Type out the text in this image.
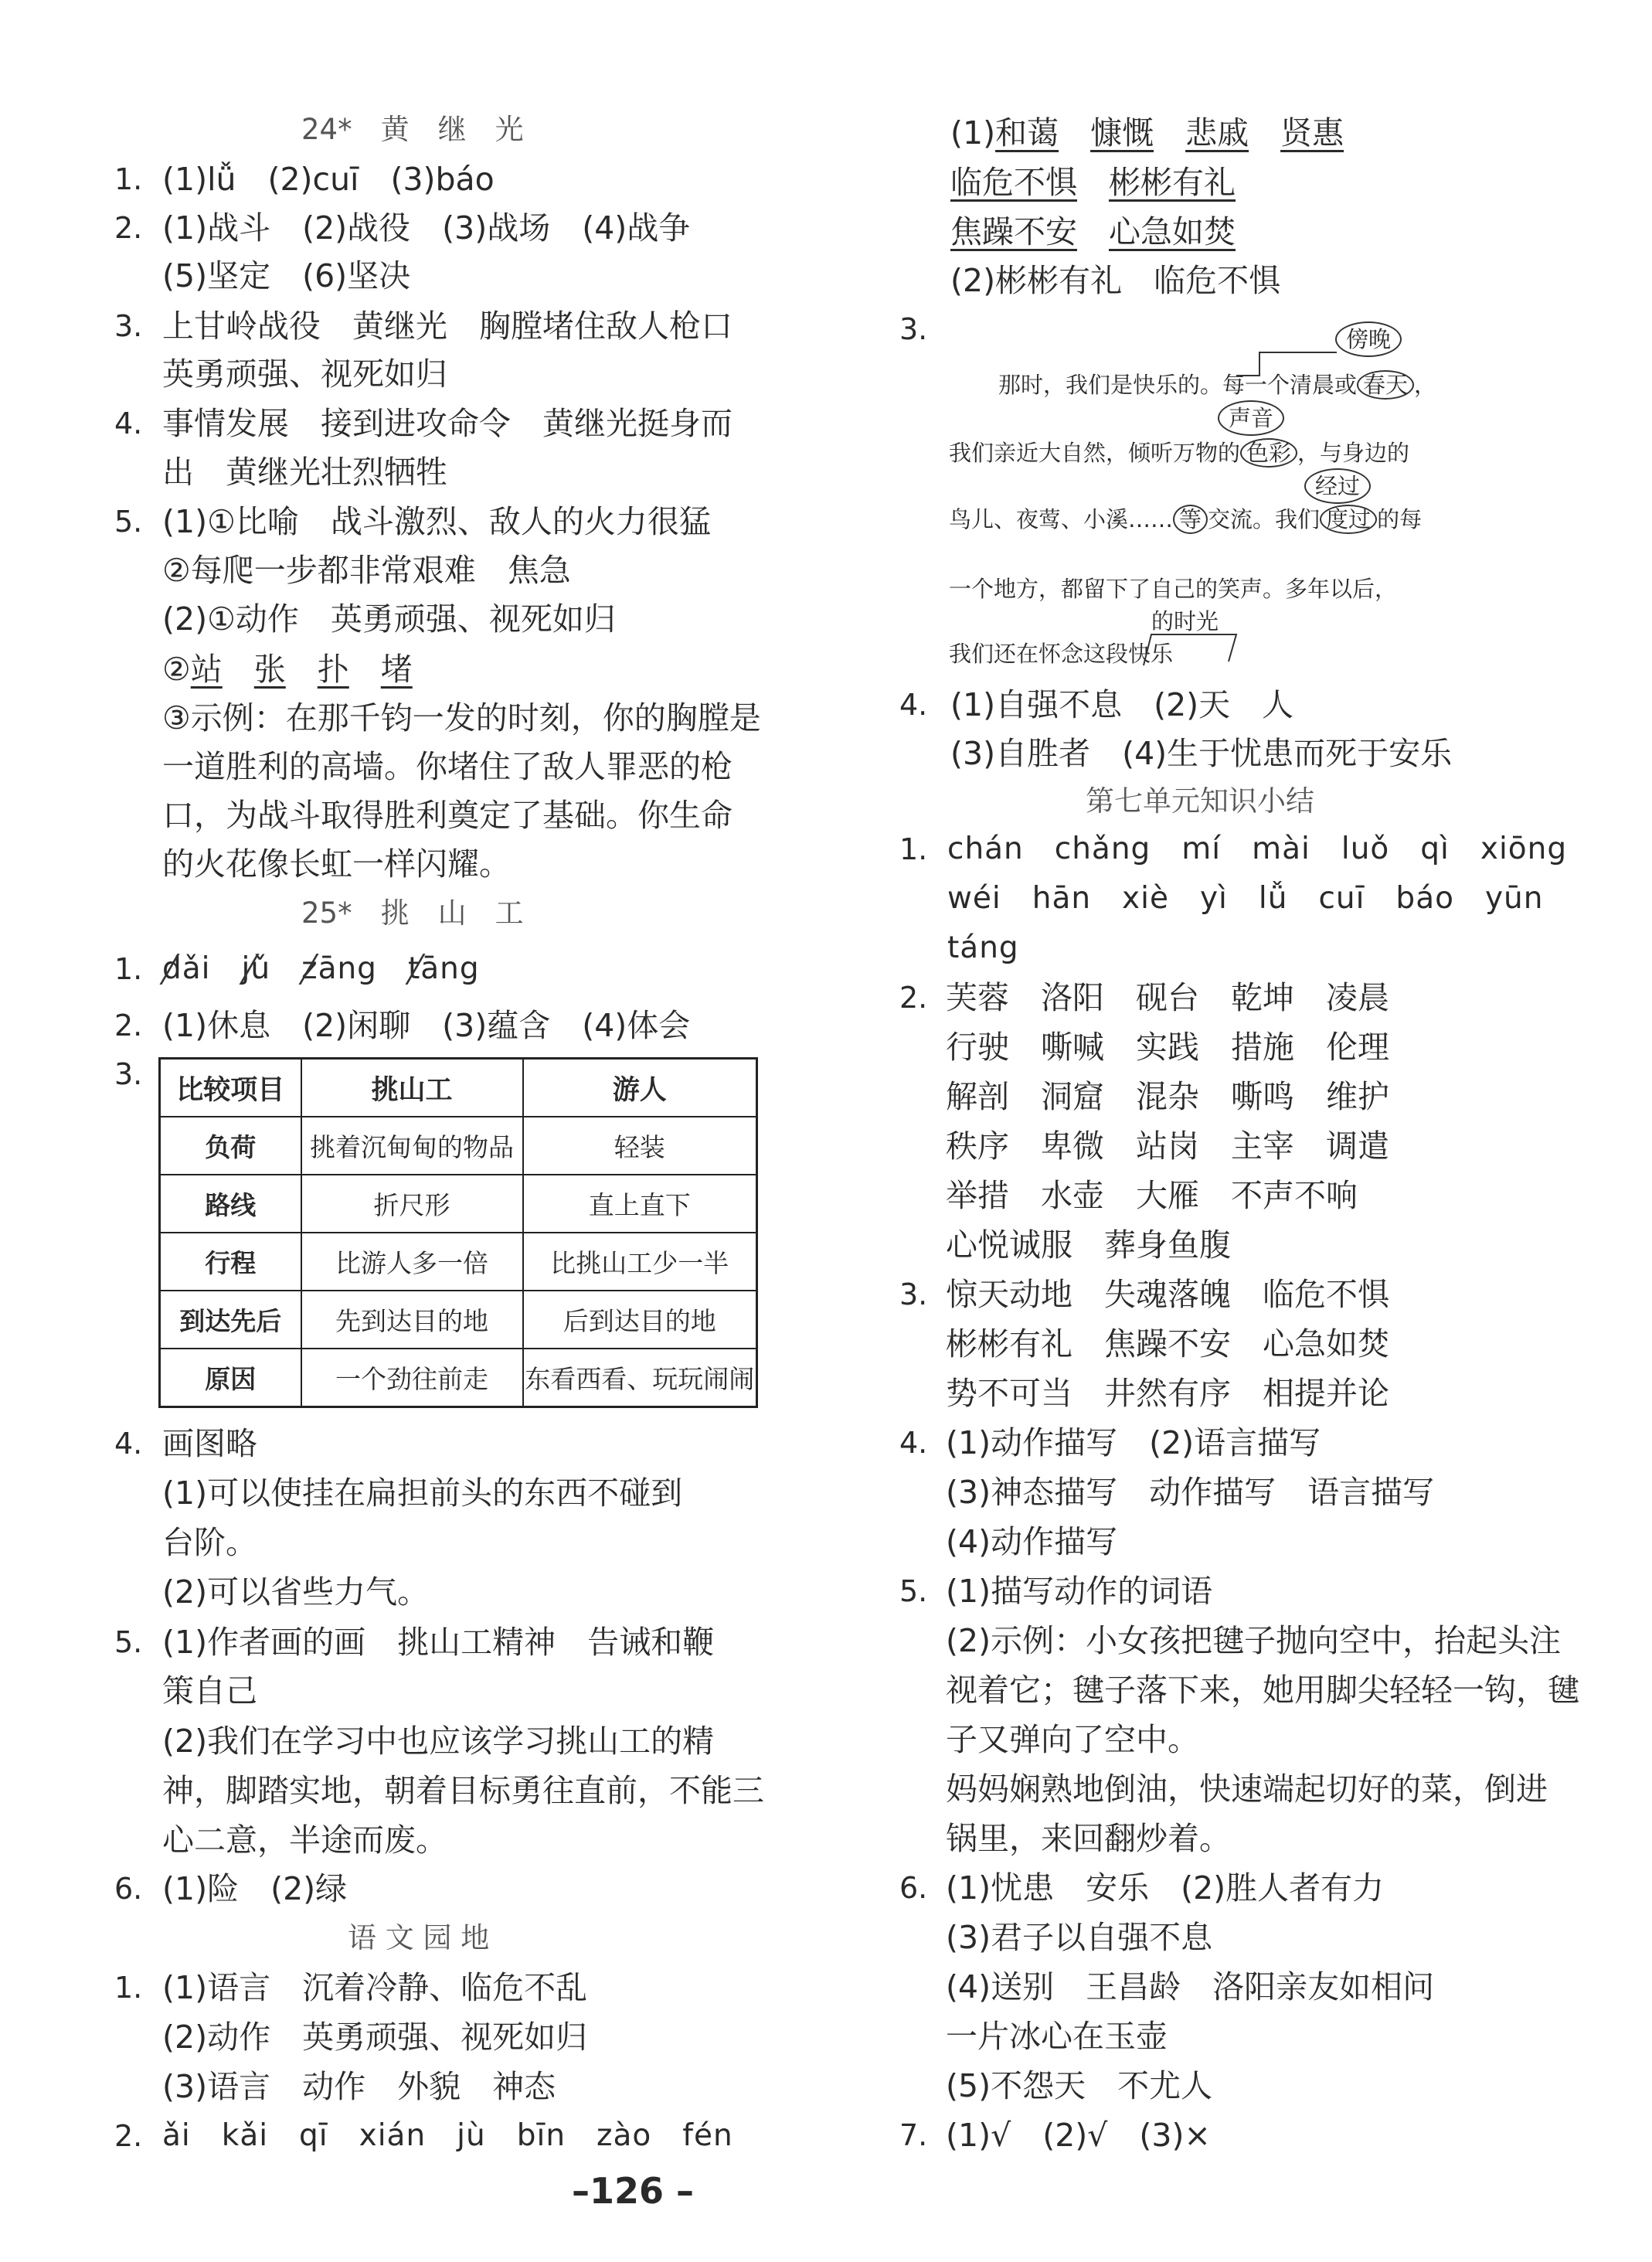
24*　黄　继　光
1. (1)lǚ　(2)cuī　(3)báo
2. (1)战斗　(2)战役　(3)战场　(4)战争
(5)坚定　(6)坚决
3. 上甘岭战役　黄继光　胸膛堵住敌人枪口
英勇顽强、视死如归
4. 事情发展　接到进攻命令　黄继光挺身而
出　黄继光壮烈牺牲
5. (1)①比喻　战斗激烈、敌人的火力很猛
②每爬一步都非常艰难　焦急
(2)①动作　英勇顽强、视死如归
②站　 张　 扑　 堵
③示例：在那千钧一发的时刻，你的胸膛是
一道胜利的高墙。你堵住了敌人罪恶的枪
口，为战斗取得胜利奠定了基础。你生命
的火花像长虹一样闪耀。
25*　挑　山　工
1. dǎi　 jǔ　 zāng　 tāng
2. (1)休息　(2)闲聊　(3)蕴含　(4)体会
3. 比较项目	挑山工	游人
负荷	挑着沉甸甸的物品	轻装
路线	折尺形	直上直下
行程	比游人多一倍	比挑山工少一半
到达先后	先到达目的地	后到达目的地
原因	一个劲往前走	东看西看、玩玩闹闹
4. 画图略
(1)可以使挂在扁担前头的东西不碰到
台阶。
(2)可以省些力气。
5. (1)作者画的画　挑山工精神　告诫和鞭
策自己
(2)我们在学习中也应该学习挑山工的精
神，脚踏实地，朝着目标勇往直前，不能三
心二意，半途而废。
6. (1)险　(2)绿
语 文 园 地
1. (1)语言　沉着冷静、临危不乱
(2)动作　英勇顽强、视死如归
(3)语言　动作　外貌　神态
2. ǎi　kǎi　qī　xián　jù　bīn　zào　fén
(1)和蔼　 慷慨　 悲戚　 贤惠
临危不惧　 彬彬有礼
焦躁不安　 心急如焚
(2)彬彬有礼　临危不惧
3.	傍晚
那时，我们是快乐的。每一个清晨或 春天 ，
声音
我们亲近大自然，倾听万物的 色彩 ，与身边的
经过
鸟儿、夜莺、小溪…… 等 交流。我们 度过 的每
一个地方，都留下了自己的笑声。多年以后，
的时光
我们还在怀念这段快乐
4. (1)自强不息　(2)天　人
(3)自胜者　(4)生于忧患而死于安乐
第七单元知识小结
1. chán　chǎng　mí　mài　luǒ　qì　xiōng
wéi　hān　xiè　yì　lǚ　cuī　báo　yūn
táng
2. 芙蓉　洛阳　砚台　乾坤　凌晨
行驶　嘶喊　实践　措施　伦理
解剖　洞窟　混杂　嘶鸣　维护
秩序　卑微　站岗　主宰　调遣
举措　水壶　大雁　不声不响
心悦诚服　葬身鱼腹
3. 惊天动地　失魂落魄　临危不惧
彬彬有礼　焦躁不安　心急如焚
势不可当　井然有序　相提并论
4. (1)动作描写　(2)语言描写
(3)神态描写　动作描写　语言描写
(4)动作描写
5. (1)描写动作的词语
(2)示例：小女孩把毽子抛向空中，抬起头注
视着它；毽子落下来，她用脚尖轻轻一钩，毽
子又弹向了空中。
妈妈娴熟地倒油，快速端起切好的菜，倒进
锅里，来回翻炒着。
6. (1)忧患　安乐　(2)胜人者有力
(3)君子以自强不息
(4)送别　王昌龄　洛阳亲友如相问
一片冰心在玉壶
(5)不怨天　不尤人
7. (1)√　(2)√　(3)×
–126 –
